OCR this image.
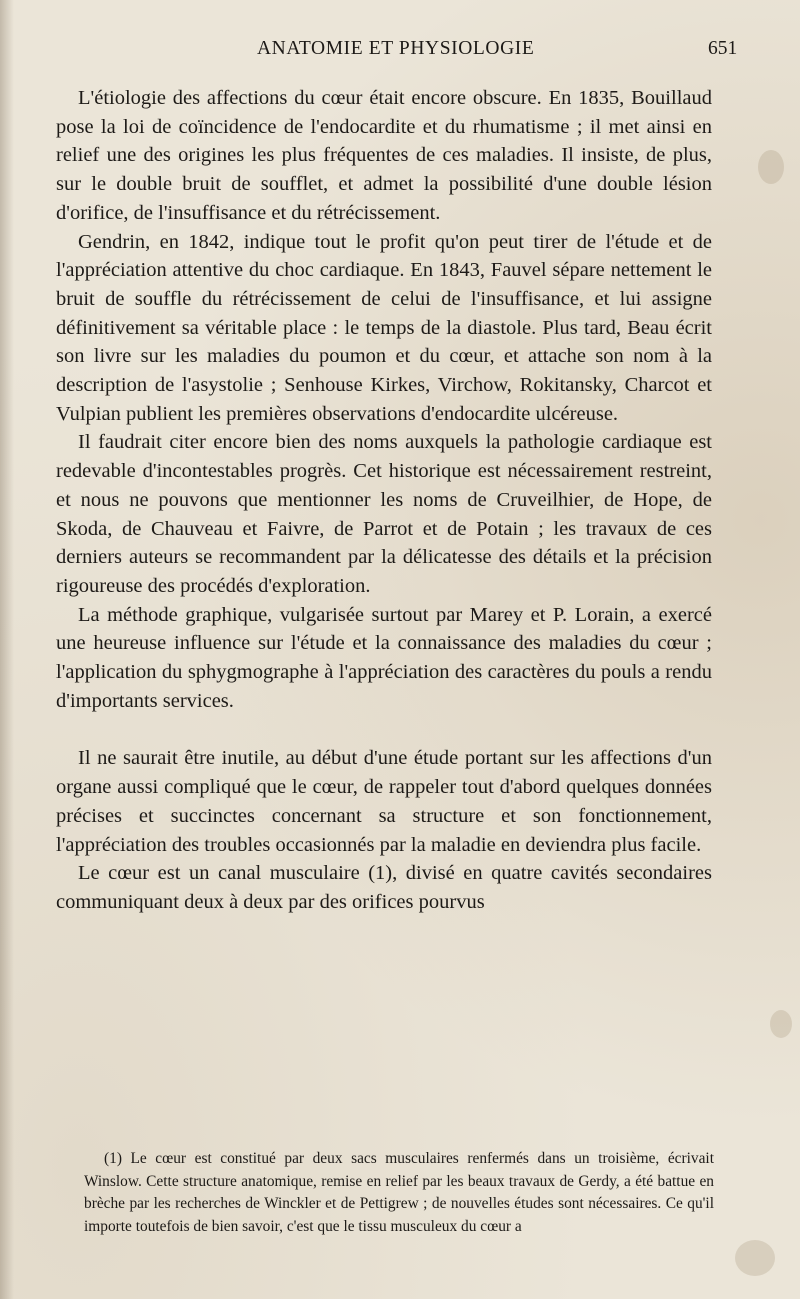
ANATOMIE ET PHYSIOLOGIE	651

L'étiologie des affections du cœur était encore obscure. En 1835, Bouillaud pose la loi de coïncidence de l'endocardite et du rhumatisme ; il met ainsi en relief une des origines les plus fréquentes de ces maladies. Il insiste, de plus, sur le double bruit de soufflet, et admet la possibilité d'une double lésion d'orifice, de l'insuffisance et du rétrécissement.

Gendrin, en 1842, indique tout le profit qu'on peut tirer de l'étude et de l'appréciation attentive du choc cardiaque. En 1843, Fauvel sépare nettement le bruit de souffle du rétrécissement de celui de l'insuffisance, et lui assigne définitivement sa véritable place : le temps de la diastole. Plus tard, Beau écrit son livre sur les maladies du poumon et du cœur, et attache son nom à la description de l'asystolie ; Senhouse Kirkes, Virchow, Rokitansky, Charcot et Vulpian publient les premières observations d'endocardite ulcéreuse.

Il faudrait citer encore bien des noms auxquels la pathologie cardiaque est redevable d'incontestables progrès. Cet historique est nécessairement restreint, et nous ne pouvons que mentionner les noms de Cruveilhier, de Hope, de Skoda, de Chauveau et Faivre, de Parrot et de Potain ; les travaux de ces derniers auteurs se recommandent par la délicatesse des détails et la précision rigoureuse des procédés d'exploration.

La méthode graphique, vulgarisée surtout par Marey et P. Lorain, a exercé une heureuse influence sur l'étude et la connaissance des maladies du cœur ; l'application du sphygmographe à l'appréciation des caractères du pouls a rendu d'importants services.

Il ne saurait être inutile, au début d'une étude portant sur les affections d'un organe aussi compliqué que le cœur, de rappeler tout d'abord quelques données précises et succinctes concernant sa structure et son fonctionnement, l'appréciation des troubles occasionnés par la maladie en deviendra plus facile.

Le cœur est un canal musculaire (1), divisé en quatre cavités secondaires communiquant deux à deux par des orifices pourvus

(1) Le cœur est constitué par deux sacs musculaires renfermés dans un troisième, écrivait Winslow. Cette structure anatomique, remise en relief par les beaux travaux de Gerdy, a été battue en brèche par les recherches de Winckler et de Pettigrew ; de nouvelles études sont nécessaires. Ce qu'il importe toutefois de bien savoir, c'est que le tissu musculeux du cœur a
